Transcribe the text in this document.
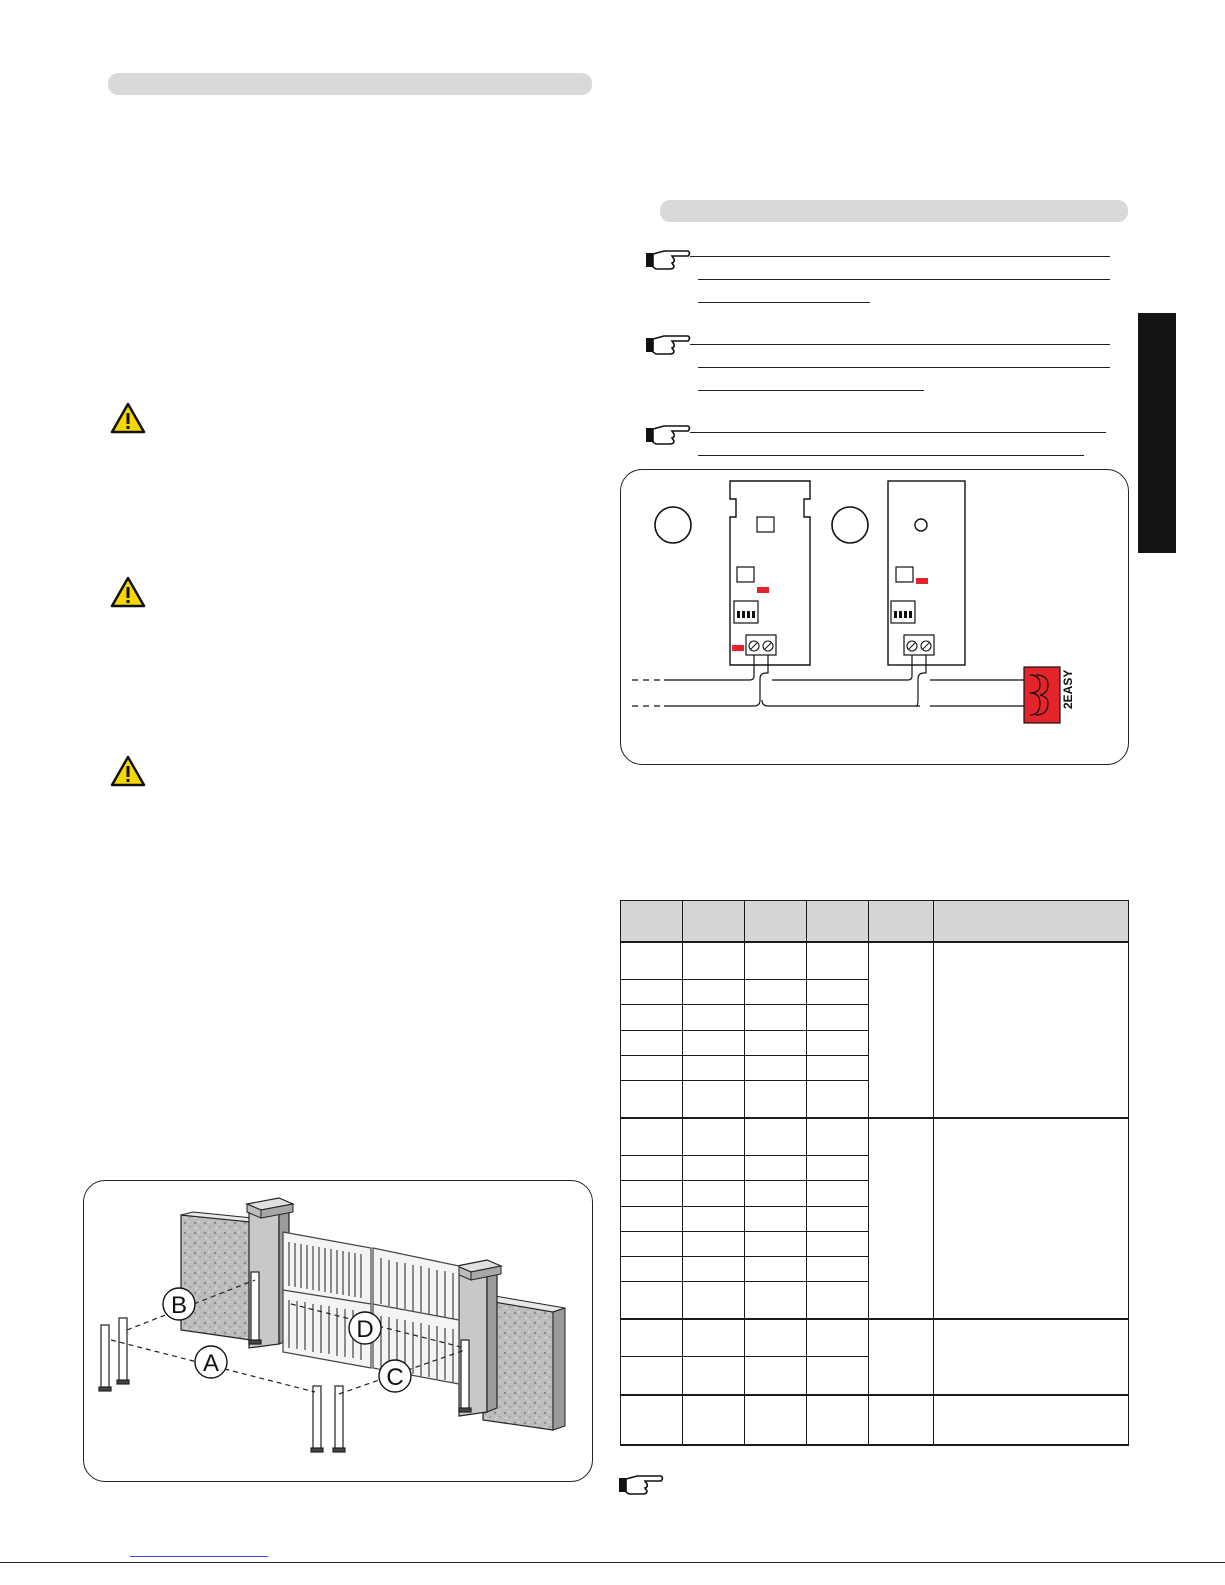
2EASY

A
B
C
D
